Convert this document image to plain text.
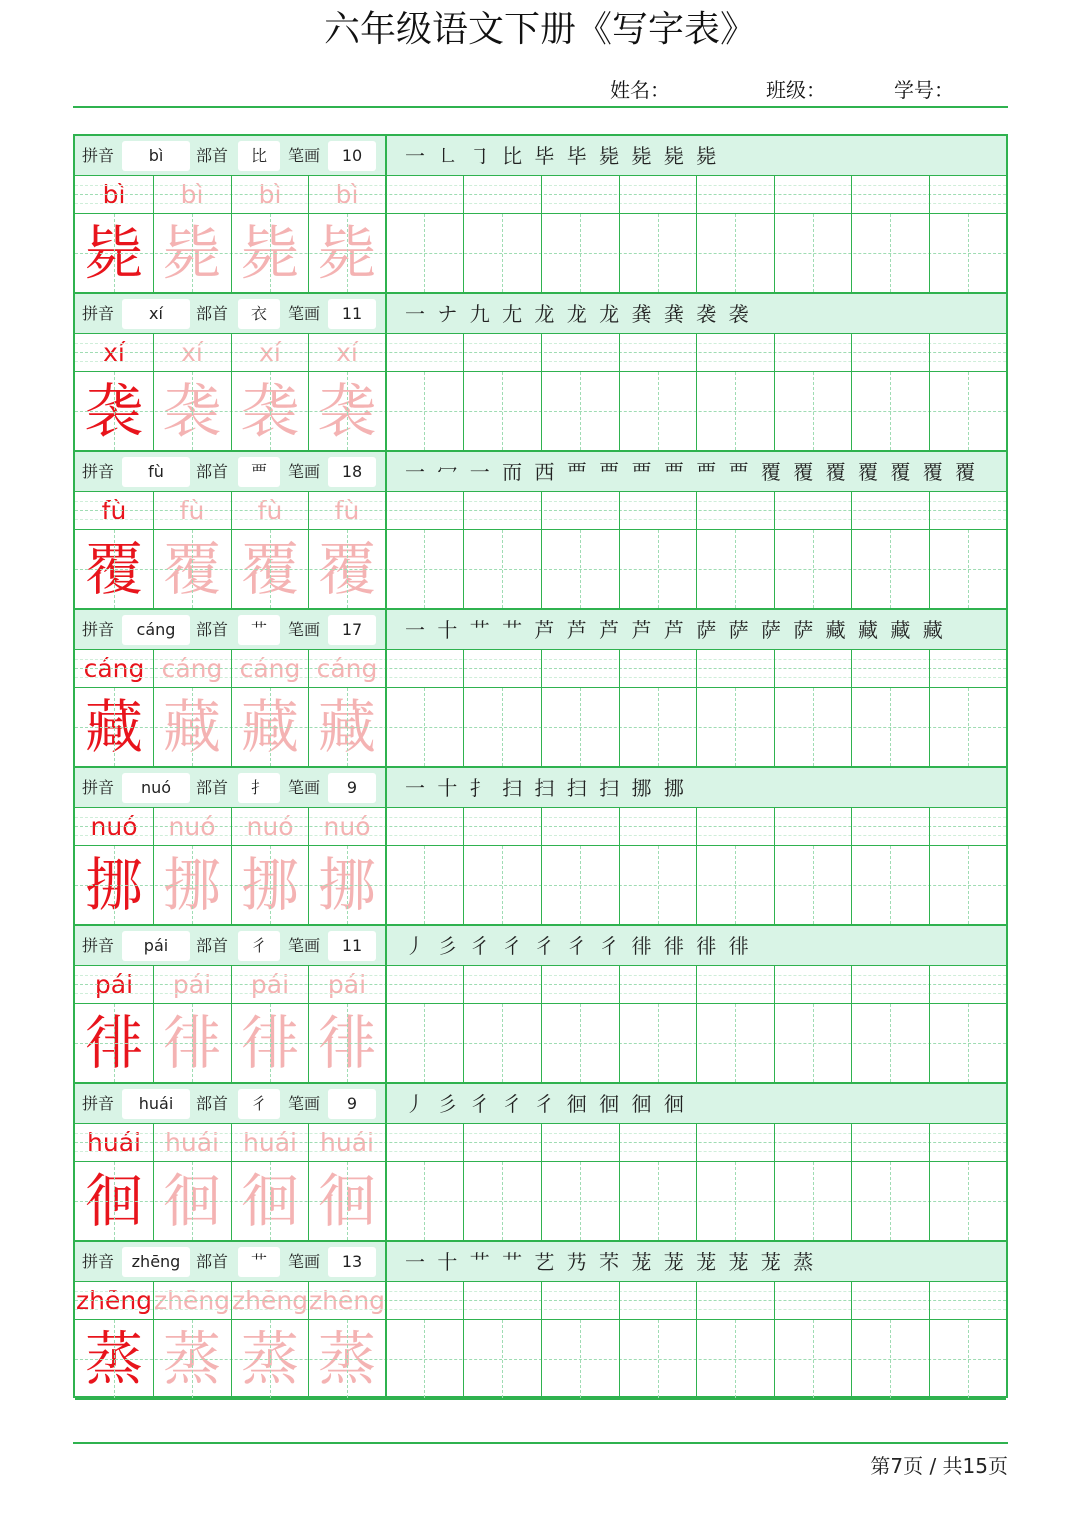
六年级语文下册《写字表》
姓名：	班级：	学号：
拼音	bì	部首	比	笔画	10	一 ㇗ ㇆ 比 毕 毕 毙 毙 毙 毙
bì	bì	bì	bì
毙 毙 毙 毙
拼音	xí	部首	衣	笔画	11	一 ナ 九 尢 龙 龙 龙 龚 龚 袭 袭
xí	xí	xí	xí
袭 袭 袭 袭
拼音	fù	部首	覀	笔画	18	一 冖 一 而 西 覀 覀 覀 覀 覀 覀 覆 覆 覆 覆 覆 覆 覆
fù	fù	fù	fù
覆 覆 覆 覆
拼音	cáng	部首	艹	笔画	17	一 十 艹 艹 芦 芦 芦 芦 芦 萨 萨 萨 萨 藏 藏 藏 藏
cáng cáng cáng cáng
藏 藏 藏 藏
拼音	nuó	部首	扌	笔画	9	一 十 扌 扫 扫 扫 扫 挪 挪
nuó	nuó	nuó	nuó
挪 挪 挪 挪
拼音	pái	部首	彳	笔画	11	丿 彡 彳 彳 彳 彳 彳 徘 徘 徘 徘
pái	pái	pái	pái
徘 徘 徘 徘
拼音	huái	部首	彳	笔画	9	丿 彡 彳 彳 彳 徊 徊 徊 徊
huái huái huái huái
徊 徊 徊 徊
拼音	zhēng 部首	艹	笔画	13	一 十 艹 艹 艺 艿 芣 茏 茏 茏 茏 茏 蒸
zhēng zhēng zhēng zhēng
蒸 蒸 蒸 蒸
第7页 / 共15页
